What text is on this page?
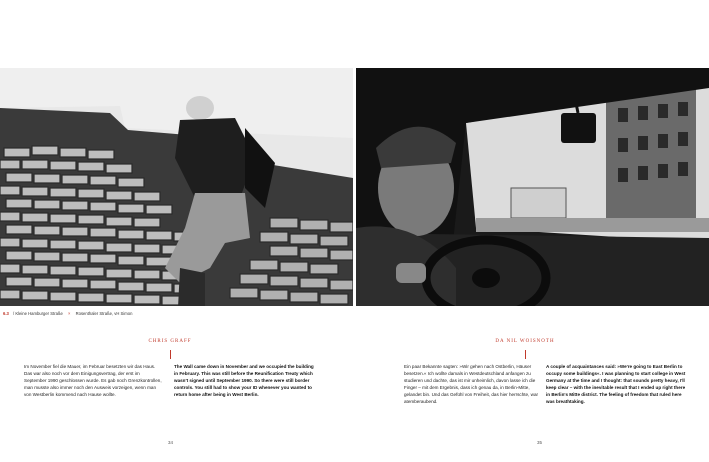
6.3 / Kleine Hamburger Straße × Rosenthaler Straße, vH Simon
CHRIS GRAFF
Im November fiel die Mauer, im Februar besetzten wir das Haus. Das war also noch vor dem Einigungsvertrag, der erst im September 1990 geschlossen wurde. Es gab noch Grenzkontrollen, man musste also immer noch den Ausweis vorzeigen, wenn man von Westberlin kommend nach Hause wollte.
The Wall came down in November and we occupied the building in February. This was still before the Reunification Treaty which wasn't signed until September 1990. So there were still border controls. You still had to show your ID whenever you wanted to return home after being in West Berlin.
34
DA NIL WOISNOTH
Ein paar Bekannte sagten: »Wir gehen nach Ostberlin, Häuser besetzen.« Ich wollte damals in Westdeutschland anfangen zu studieren und dachte, das ist mir unheimlich, davon lasse ich die Finger – mit dem Ergebnis, dass ich genau da, in Berlin-Mitte, gelandet bin. Und das Gefühl von Freiheit, das hier herrschte, war atemberaubend.
A couple of acquaintances said: »We're going to East Berlin to occupy some buildings«. I was planning to start college in West Germany at the time and I thought: that sounds pretty heavy, I'll keep clear – with the inevitable result that I ended up right there in Berlin's Mitte district. The feeling of freedom that ruled here was breathtaking.
35
